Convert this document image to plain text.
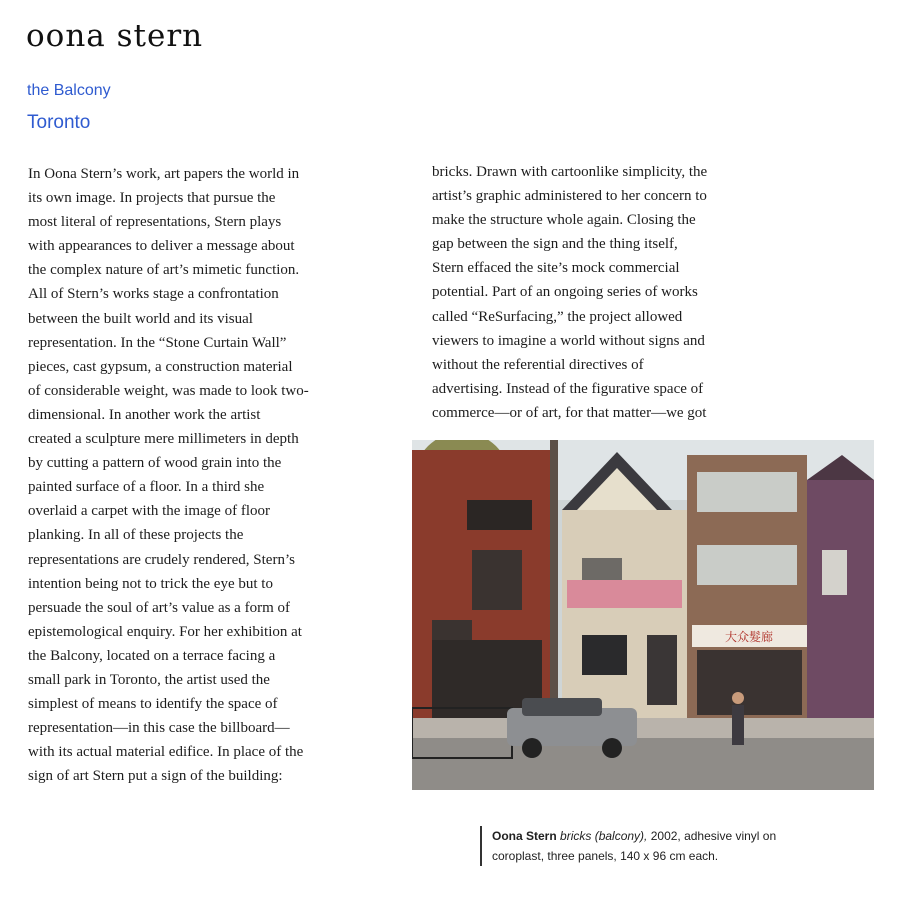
oona stern
the Balcony
Toronto
In Oona Stern’s work, art papers the world in
its own image. In projects that pursue the
most literal of representations, Stern plays
with appearances to deliver a message about
the complex nature of art’s mimetic function.
All of Stern’s works stage a confrontation
between the built world and its visual
representation. In the “Stone Curtain Wall”
pieces, cast gypsum, a construction material
of considerable weight, was made to look two-
dimensional. In another work the artist
created a sculpture mere millimeters in depth
by cutting a pattern of wood grain into the
painted surface of a floor. In a third she
overlaid a carpet with the image of floor
planking. In all of these projects the
representations are crudely rendered, Stern’s
intention being not to trick the eye but to
persuade the soul of art’s value as a form of
epistemological enquiry. For her exhibition at
the Balcony, located on a terrace facing a
small park in Toronto, the artist used the
simplest of means to identify the space of
representation—in this case the billboard—
with its actual material edifice. In place of the
sign of art Stern put a sign of the building:
bricks. Drawn with cartoonlike simplicity, the
artist’s graphic administered to her concern to
make the structure whole again. Closing the
gap between the sign and the thing itself,
Stern effaced the site’s mock commercial
potential. Part of an ongoing series of works
called “ReSurfacing,” the project allowed
viewers to imagine a world without signs and
without the referential directives of
advertising. Instead of the figurative space of
commerce—or of art, for that matter—we got
大众髮廊
Oona Stern bricks (balcony), 2002, adhesive vinyl on
coroplast, three panels, 140 x 96 cm each.
